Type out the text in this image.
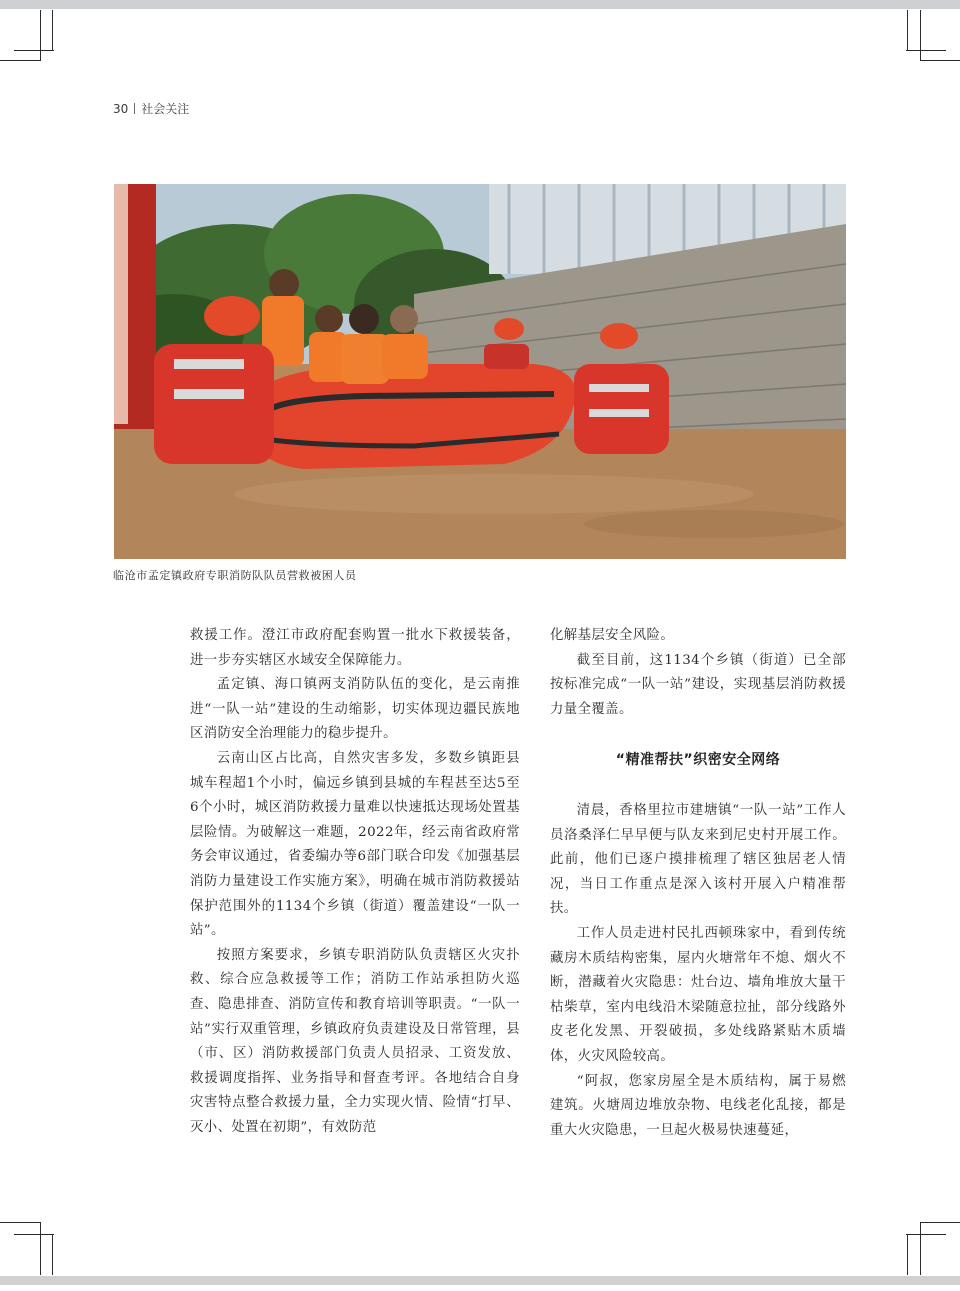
30 社会关注
临沧市孟定镇政府专职消防队队员营救被困人员

救援工作。澄江市政府配套购置一批水下救援装备，进一步夯实辖区水域安全保障能力。

孟定镇、海口镇两支消防队伍的变化，是云南推进“一队一站”建设的生动缩影，切实体现边疆民族地区消防安全治理能力的稳步提升。

云南山区占比高，自然灾害多发，多数乡镇距县城车程超1个小时，偏远乡镇到县城的车程甚至达5至6个小时，城区消防救援力量难以快速抵达现场处置基层险情。为破解这一难题，2022年，经云南省政府常务会审议通过，省委编办等6部门联合印发《加强基层消防力量建设工作实施方案》，明确在城市消防救援站保护范围外的1134个乡镇（街道）覆盖建设“一队一站”。

按照方案要求，乡镇专职消防队负责辖区火灾扑救、综合应急救援等工作；消防工作站承担防火巡查、隐患排查、消防宣传和教育培训等职责。“一队一站”实行双重管理，乡镇政府负责建设及日常管理，县（市、区）消防救援部门负责人员招录、工资发放、救援调度指挥、业务指导和督查考评。各地结合自身灾害特点整合救援力量，全力实现火情、险情“打早、灭小、处置在初期”，有效防范

化解基层安全风险。

截至目前，这1134个乡镇（街道）已全部按标准完成“一队一站”建设，实现基层消防救援力量全覆盖。

“精准帮扶”织密安全网络

清晨，香格里拉市建塘镇“一队一站”工作人员洛桑泽仁早早便与队友来到尼史村开展工作。此前，他们已逐户摸排梳理了辖区独居老人情况，当日工作重点是深入该村开展入户精准帮扶。

工作人员走进村民扎西顿珠家中，看到传统藏房木质结构密集，屋内火塘常年不熄、烟火不断，潜藏着火灾隐患：灶台边、墙角堆放大量干枯柴草，室内电线沿木梁随意拉扯，部分线路外皮老化发黑、开裂破损，多处线路紧贴木质墙体，火灾风险较高。

“阿叔，您家房屋全是木质结构，属于易燃建筑。火塘周边堆放杂物、电线老化乱接，都是重大火灾隐患，一旦起火极易快速蔓延，
